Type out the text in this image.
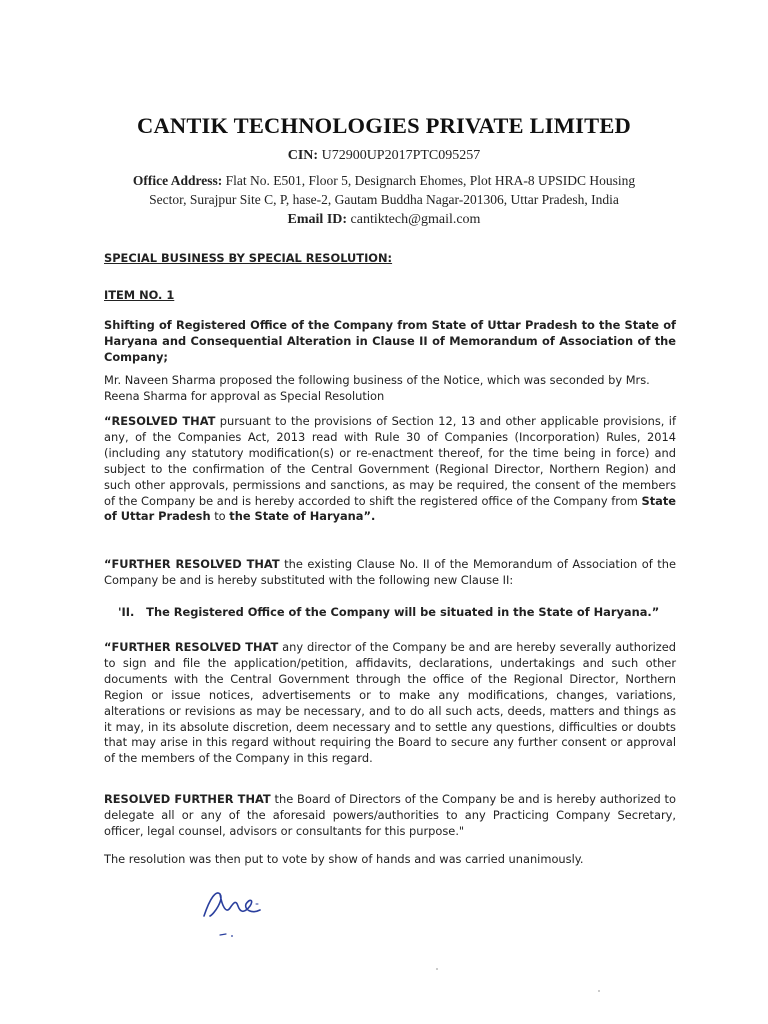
CANTIK TECHNOLOGIES PRIVATE LIMITED
CIN: U72900UP2017PTC095257
Office Address: Flat No. E501, Floor 5, Designarch Ehomes, Plot HRA-8 UPSIDC Housing
Sector, Surajpur Site C, P, hase-2, Gautam Buddha Nagar-201306, Uttar Pradesh, India
Email ID: cantiktech@gmail.com
SPECIAL BUSINESS BY SPECIAL RESOLUTION:
ITEM NO. 1
Shifting of Registered Office of the Company from State of Uttar Pradesh to the State of Haryana and Consequential Alteration in Clause II of Memorandum of Association of the Company;
Mr. Naveen Sharma proposed the following business of the Notice, which was seconded by Mrs.
Reena Sharma for approval as Special Resolution
“RESOLVED THAT pursuant to the provisions of Section 12, 13 and other applicable provisions, if any, of the Companies Act, 2013 read with Rule 30 of Companies (Incorporation) Rules, 2014 (including any statutory modification(s) or re-enactment thereof, for the time being in force) and subject to the confirmation of the Central Government (Regional Director, Northern Region) and such other approvals, permissions and sanctions, as may be required, the consent of the members of the Company be and is hereby accorded to shift the registered office of the Company from State of Uttar Pradesh to the State of Haryana”.
“FURTHER RESOLVED THAT the existing Clause No. II of the Memorandum of Association of the Company be and is hereby substituted with the following new Clause II:
'II.   The Registered Office of the Company will be situated in the State of Haryana.”
“FURTHER RESOLVED THAT any director of the Company be and are hereby severally authorized to sign and file the application/petition, affidavits, declarations, undertakings and such other documents with the Central Government through the office of the Regional Director, Northern Region or issue notices, advertisements or to make any modifications, changes, variations, alterations or revisions as may be necessary, and to do all such acts, deeds, matters and things as it may, in its absolute discretion, deem necessary and to settle any questions, difficulties or doubts that may arise in this regard without requiring the Board to secure any further consent or approval of the members of the Company in this regard.
RESOLVED FURTHER THAT the Board of Directors of the Company be and is hereby authorized to delegate all or any of the aforesaid powers/authorities to any Practicing Company Secretary, officer, legal counsel, advisors or consultants for this purpose."
The resolution was then put to vote by show of hands and was carried unanimously.
